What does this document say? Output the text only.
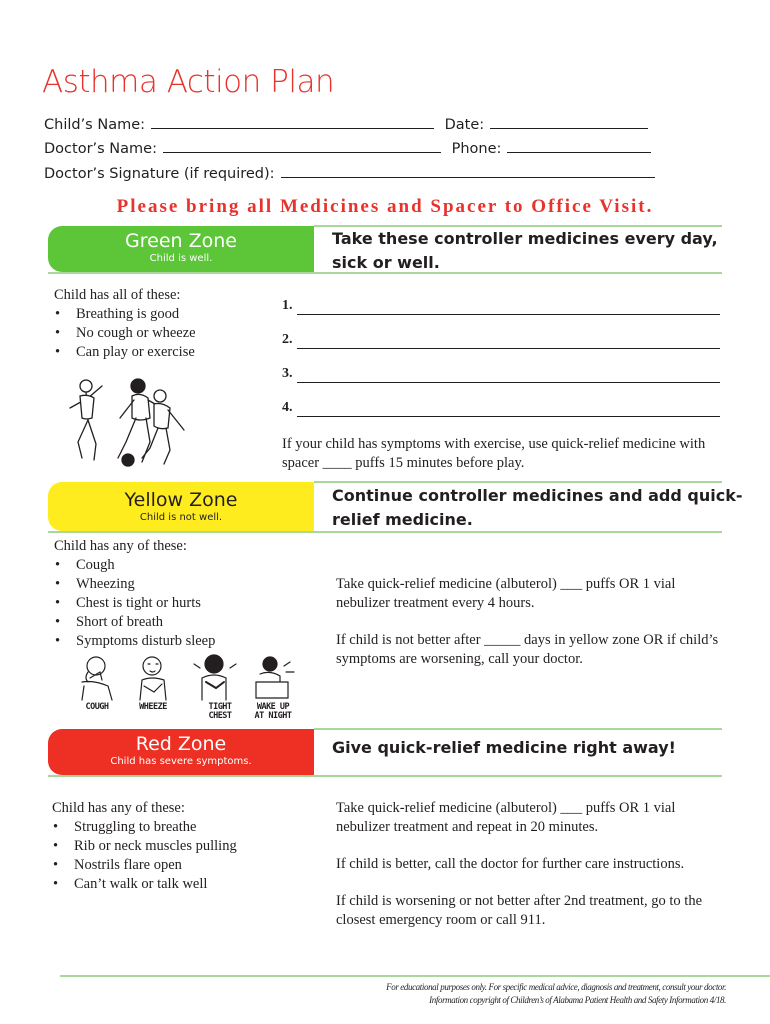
Asthma Action Plan
Child’s Name:	Date:
Doctor’s Name:	Phone:
Doctor’s Signature (if required):
Please bring all Medicines and Spacer to Office Visit.
Green Zone
Child is well.
Take these controller medicines every day, sick or well.
Child has all of these:
• Breathing is good
• No cough or wheeze
• Can play or exercise
1.
2.
3.
4.
If your child has symptoms with exercise, use quick-relief medicine with spacer ____ puffs 15 minutes before play.
Yellow Zone
Child is not well.
Continue controller medicines and add quick-relief medicine.
Child has any of these:
• Cough
• Wheezing
• Chest is tight or hurts
• Short of breath
• Symptoms disturb sleep
COUGH	WHEEZE	TIGHT CHEST
WAKE UP AT NIGHT
Take quick-relief medicine (albuterol) ___ puffs OR 1 vial nebulizer treatment every 4 hours.
If child is not better after _____ days in yellow zone OR if child’s symptoms are worsening, call your doctor.
Red Zone
Child has severe symptoms.
Give quick-relief medicine right away!
Child has any of these:
• Struggling to breathe
• Rib or neck muscles pulling
• Nostrils flare open
• Can’t walk or talk well
Take quick-relief medicine (albuterol) ___ puffs OR 1 vial nebulizer treatment and repeat in 20 minutes.
If child is better, call the doctor for further care instructions.
If child is worsening or not better after 2nd treatment, go to the closest emergency room or call 911.
For educational purposes only. For specific medical advice, diagnosis and treatment, consult your doctor.
Information copyright of Children’s of Alabama Patient Health and Safety Information 4/18.
